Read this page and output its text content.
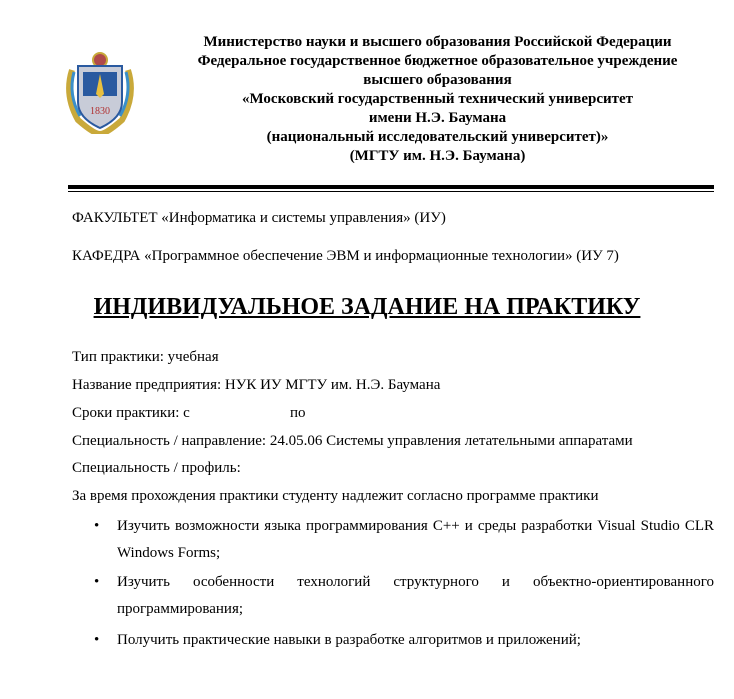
1830
Министерство науки и высшего образования Российской Федерации
Федеральное государственное бюджетное образовательное учреждение
высшего образования
«Московский государственный технический университет
имени Н.Э. Баумана
(национальный исследовательский университет)»
(МГТУ им. Н.Э. Баумана)
ФАКУЛЬТЕТ «Информатика и системы управления» (ИУ)
КАФЕДРА «Программное обеспечение ЭВМ и информационные технологии» (ИУ 7)
ИНДИВИДУАЛЬНОЕ ЗАДАНИЕ НА ПРАКТИКУ
Тип практики: учебная
Название предприятия: НУК ИУ МГТУ им. Н.Э. Баумана
Сроки практики: с	по
Специальность / направление: 24.05.06 Системы управления летательными аппаратами
Специальность / профиль:
За время прохождения практики студенту надлежит согласно программе практики
• Изучить возможности языка программирования С++ и среды разработки Visual Studio CLR Windows Forms;
• Изучить особенности технологий структурного и объектно-ориентированного программирования;
• Получить практические навыки в разработке алгоритмов и приложений;
